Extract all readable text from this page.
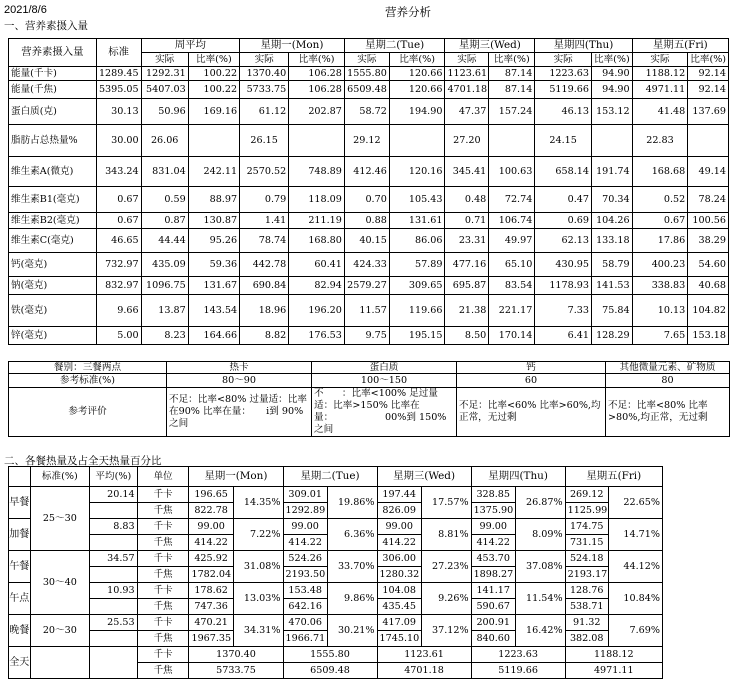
2021/8/6	营养分析
一、营养素摄入量
营养素摄入量	标准	周平均		星期一(Mon)		星期二(Tue)		星期三(Wed)		星期四(Thu)		星期五(Fri)	
		实际	比率(%)	实际	比率(%)	实际	比率(%)	实际	比率(%)	实际	比率(%)	实际	比率(%)
能量(千卡)	1289.45	1292.31	100.22	1370.40	106.28	1555.80	120.66	1123.61	87.14	1223.63	94.90	1188.12	92.14
能量(千焦)	5395.05	5407.03	100.22	5733.75	106.28	6509.48	120.66	4701.18	87.14	5119.66	94.90	4971.11	92.14
蛋白质(克)	30.13	50.96	169.16	61.12	202.87	58.72	194.90	47.37	157.24	46.13	153.12	41.48	137.69
脂肪占总热量%	30.00	26.06		26.15		29.12		27.20		24.15		22.83	
维生素A(微克)	343.24	831.04	242.11	2570.52	748.89	412.46	120.16	345.41	100.63	658.14	191.74	168.68	49.14
维生素B1(毫克)	0.67	0.59	88.97	0.79	118.09	0.70	105.43	0.48	72.74	0.47	70.34	0.52	78.24
维生素B2(毫克)	0.67	0.87	130.87	1.41	211.19	0.88	131.61	0.71	106.74	0.69	104.26	0.67	100.56
维生素C(毫克)	46.65	44.44	95.26	78.74	168.80	40.15	86.06	23.31	49.97	62.13	133.18	17.86	38.29
钙(毫克)	732.97	435.09	59.36	442.78	60.41	424.33	57.89	477.16	65.10	430.95	58.79	400.23	54.60
钠(毫克)	832.97	1096.75	131.67	690.84	82.94	2579.27	309.65	695.87	83.54	1178.93	141.53	338.83	40.68
铁(毫克)	9.66	13.87	143.54	18.96	196.20	11.57	119.66	21.38	221.17	7.33	75.84	10.13	104.82
锌(毫克)	5.00	8.23	164.66	8.82	176.53	9.75	195.15	8.50	170.14	6.41	128.29	7.65	153.18
餐别：三餐两点	热卡	蛋白质	钙	其他微量元素、矿物质
参考标准(%)	80～90	100～150	60	80
参考评价	不足：比率<80% 过量适：比率在90% 比率在量：     i到 90%之间	不      ：比率<100% 足过量适：比率>150% 比率在量：                 00%到 150%之间	不足：比率<60% 比率>60%,均正常，无过剩	不足：比率<80% 比率>80%,均正常，无过剩
二、各餐热量及占全天热量百分比
	标准(%)	平均(%)	单位	星期一(Mon)		星期二(Tue)		星期三(Wed)		星期四(Thu)		星期五(Fri)	
早餐	25～30	20.14	千卡	196.65	14.35%	309.01	19.86%	197.44	17.57%	328.85	26.87%	269.12	22.65%
			千焦	822.78		1292.89		826.09		1375.90		1125.99	
加餐		8.83	千卡	99.00	7.22%	99.00	6.36%	99.00	8.81%	99.00	8.09%	174.75	14.71%
			千焦	414.22		414.22		414.22		414.22		731.15	
午餐	30～40	34.57	千卡	425.92	31.08%	524.26	33.70%	306.00	27.23%	453.70	37.08%	524.18	44.12%
			千焦	1782.04		2193.50		1280.32		1898.27		2193.17	
午点		10.93	千卡	178.62	13.03%	153.48	9.86%	104.08	9.26%	141.17	11.54%	128.76	10.84%
			千焦	747.36		642.16		435.45		590.67		538.71	
晚餐	20～30	25.53	千卡	470.21	34.31%	470.06	30.21%	417.09	37.12%	200.91	16.42%	91.32	7.69%
			千焦	1967.35		1966.71		1745.10		840.60		382.08	
全天			千卡	1370.40		1555.80		1123.61		1223.63		1188.12	
			千焦	5733.75		6509.48		4701.18		5119.66		4971.11	
